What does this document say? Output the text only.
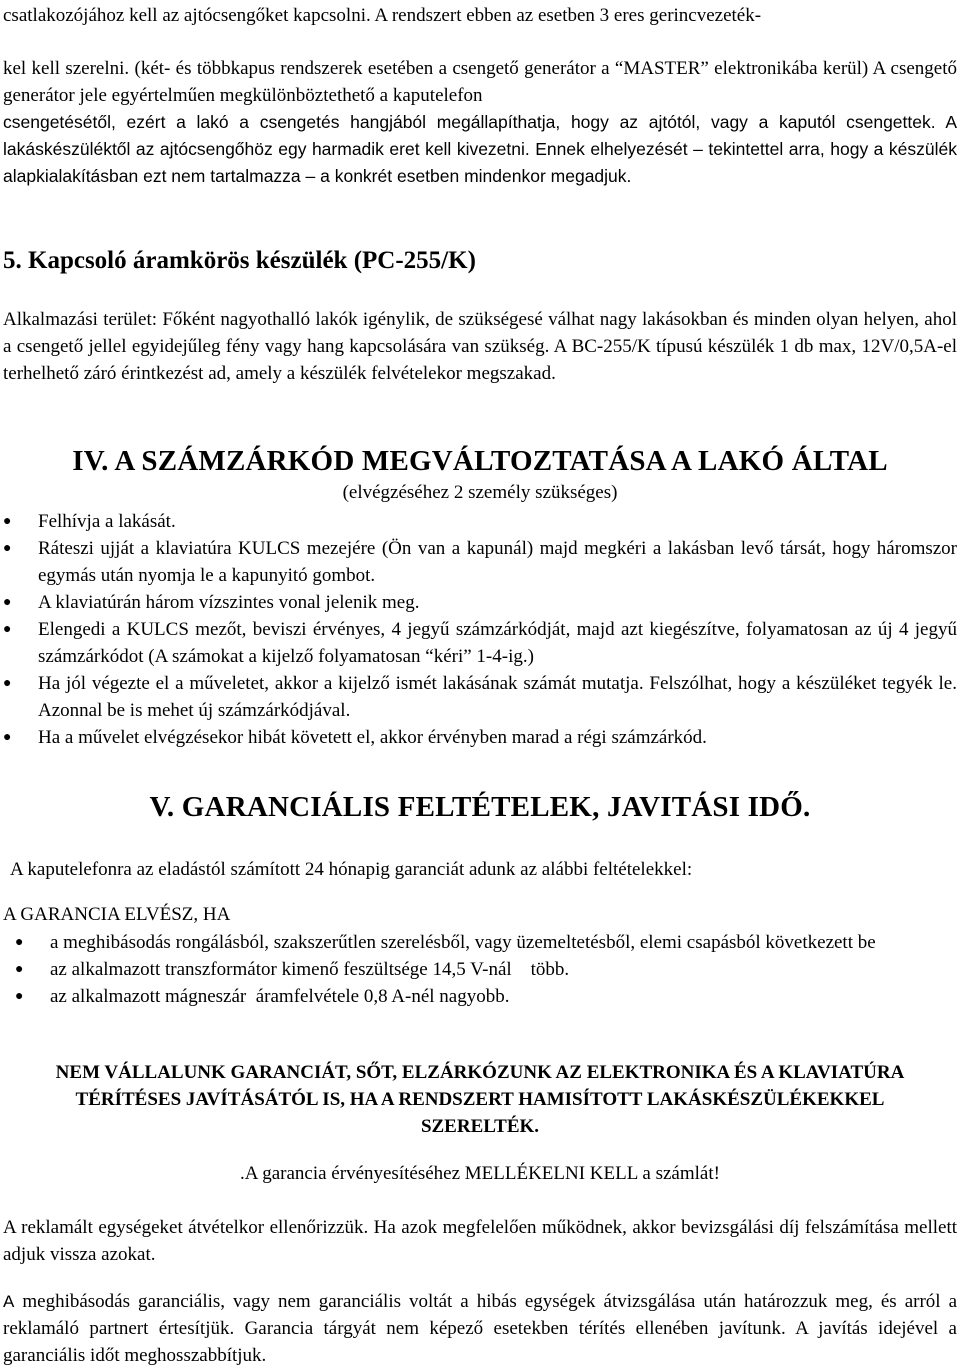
csatlakozójához kell az ajtócsengőket kapcsolni. A rendszert ebben az esetben 3 eres gerincvezeték-

kel kell szerelni. (két- és többkapus rendszerek esetében a csengető generátor a “MASTER” elektronikába kerül) A csengető generátor jele egyértelműen megkülönböztethető a kaputelefon

csengetésétől, ezért a lakó a csengetés hangjából megállapíthatja, hogy az ajtótól, vagy a kaputól csengettek. A lakáskészüléktől az ajtócsengőhöz egy harmadik eret kell kivezetni. Ennek elhelyezését – tekintettel arra, hogy a készülék alapkialakításban ezt nem tartalmazza – a konkrét esetben mindenkor megadjuk.

5. Kapcsoló áramkörös készülék (PC-255/K)

Alkalmazási terület: Főként nagyothalló lakók igénylik, de szükségesé válhat nagy lakásokban és minden olyan helyen, ahol a csengető jellel egyidejűleg fény vagy hang kapcsolására van szükség. A BC-255/K típusú készülék 1 db max, 12V/0,5A-el terhelhető záró érintkezést ad, amely a készülék felvételekor megszakad.

IV. A SZÁMZÁRKÓD MEGVÁLTOZTATÁSA A LAKÓ ÁLTAL

(elvégzéséhez 2 személy szükséges)

● Felhívja a lakását.
● Ráteszi ujját a klaviatúra KULCS mezejére (Ön van a kapunál) majd megkéri a lakásban levő társát, hogy háromszor egymás után nyomja le a kapunyitó gombot.
● A klaviatúrán három vízszintes vonal jelenik meg.
● Elengedi a KULCS mezőt, beviszi érvényes, 4 jegyű számzárkódját, majd azt kiegészítve, folyamatosan az új 4 jegyű számzárkódot (A számokat a kijelző folyamatosan “kéri” 1-4-ig.)
● Ha jól végezte el a műveletet, akkor a kijelző ismét lakásának számát mutatja. Felszólhat, hogy a készüléket tegyék le. Azonnal be is mehet új számzárkódjával.
● Ha a művelet elvégzésekor hibát követett el, akkor érvényben marad a régi számzárkód.
V. GARANCIÁLIS FELTÉTELEK, JAVITÁSI IDŐ.

A kaputelefonra az eladástól számított 24 hónapig garanciát adunk az alábbi feltételekkel:

A GARANCIA ELVÉSZ, HA

● a meghibásodás rongálásból, szakszerűtlen szerelésből, vagy üzemeltetésből, elemi csapásból következett be
● az alkalmazott transzformátor kimenő feszültsége 14,5 V-nál    több.
● az alkalmazott mágneszár  áramfelvétele 0,8 A-nél nagyobb.

NEM VÁLLALUNK GARANCIÁT, SŐT, ELZÁRKÓZUNK AZ ELEKTRONIKA ÉS A KLAVIATÚRA TÉRÍTÉSES JAVÍTÁSÁTÓL IS, HA A RENDSZERT HAMISÍTOTT LAKÁSKÉSZÜLÉKEKKEL SZERELTÉK.

.A garancia érvényesítéséhez MELLÉKELNI KELL a számlát!

A reklamált egységeket átvételkor ellenőrizzük. Ha azok megfelelően működnek, akkor bevizsgálási díj felszámítása mellett adjuk vissza azokat.

A meghibásodás garanciális, vagy nem garanciális voltát a hibás egységek átvizsgálása után határozzuk meg, és arról a reklamáló partnert értesítjük. Garancia tárgyát nem képező esetekben térítés ellenében javítunk. A javítás idejével a garanciális időt meghosszabbítjuk.
